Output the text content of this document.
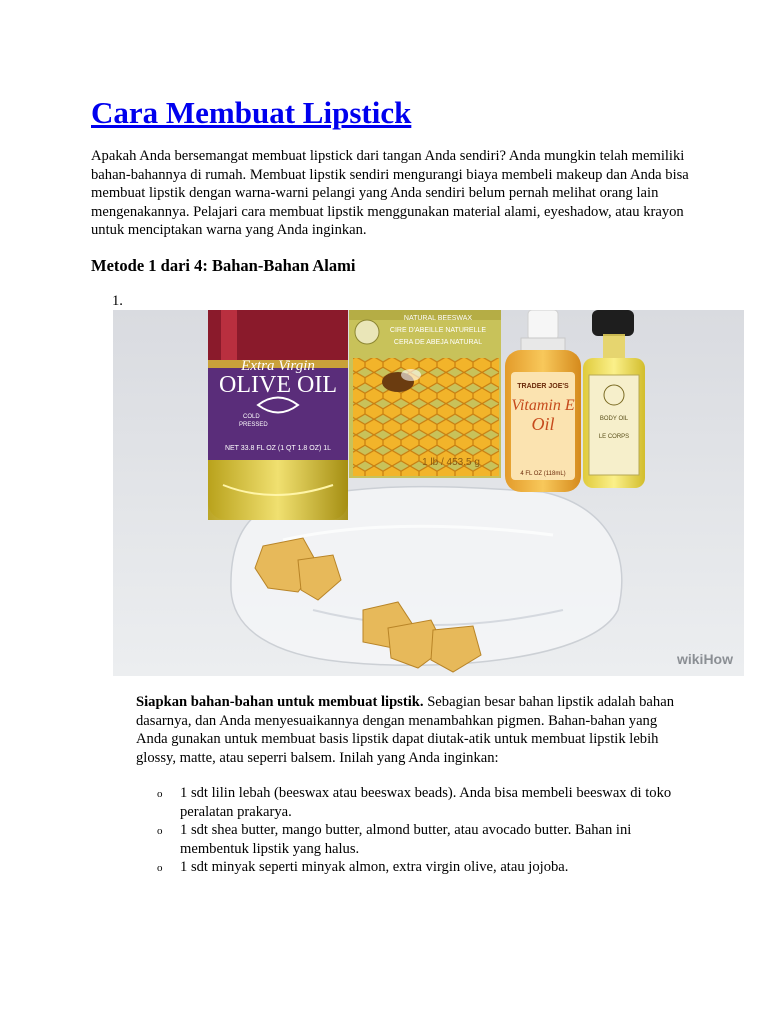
Cara Membuat Lipstick

Apakah Anda bersemangat membuat lipstick dari tangan Anda sendiri? Anda mungkin telah memiliki bahan-bahannya di rumah. Membuat lipstik sendiri mengurangi biaya membeli makeup dan Anda bisa membuat lipstik dengan warna-warni pelangi yang Anda sendiri belum pernah melihat orang lain mengenakannya. Pelajari cara membuat lipstik menggunakan material alami, eyeshadow, atau krayon untuk menciptakan warna yang Anda inginkan.

Metode 1 dari 4: Bahan-Bahan Alami
1.
Extra Virgin
OLIVE OIL
COLD
PRESSED
NET 33.8 FL OZ (1 QT 1.8 OZ) 1L
NATURAL BEESWAX
CIRE D'ABEILLE NATURELLE
CERA DE ABEJA NATURAL
1 lb / 453.5 g
TRADER JOE'S
Vitamin E
Oil
4 FL OZ (118mL)
BODY OIL
LE CORPS
wikiHow

Siapkan bahan-bahan untuk membuat lipstik. Sebagian besar bahan lipstik adalah bahan dasarnya, dan Anda menyesuaikannya dengan menambahkan pigmen. Bahan-bahan yang Anda gunakan untuk membuat basis lipstik dapat diutak-atik untuk membuat lipstik lebih glossy, matte, atau seperri balsem. Inilah yang Anda inginkan:

o 1 sdt lilin lebah (beeswax atau beeswax beads). Anda bisa membeli beeswax di toko peralatan prakarya.
o 1 sdt shea butter, mango butter, almond butter, atau avocado butter. Bahan ini membentuk lipstik yang halus.
o 1 sdt minyak seperti minyak almon, extra virgin olive, atau jojoba.
